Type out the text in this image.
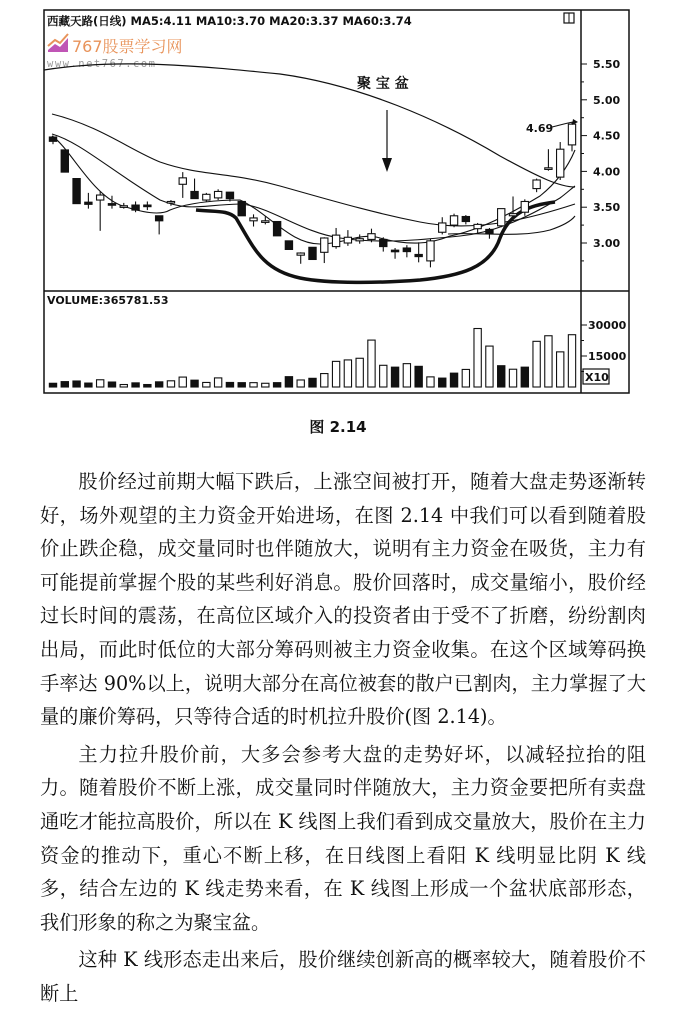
西藏天路(日线) MA5:4.11 MA10:3.70 MA20:3.37 MA60:3.74
767股票学习网
www.net767.com	5.50
5.00
4.50
4.00
3.50
3.00
聚 宝 盆
4.69
VOLUME:365781.53
30000
15000
X10
图 2.14

股价经过前期大幅下跌后，上涨空间被打开，随着大盘走势逐渐转好，场外观望的主力资金开始进场，在图 2.14 中我们可以看到随着股价止跌企稳，成交量同时也伴随放大，说明有主力资金在吸货，主力有可能提前掌握个股的某些利好消息。股价回落时，成交量缩小，股价经过长时间的震荡，在高位区域介入的投资者由于受不了折磨，纷纷割肉出局，而此时低位的大部分筹码则被主力资金收集。在这个区域筹码换手率达 90%以上，说明大部分在高位被套的散户已割肉，主力掌握了大量的廉价筹码，只等待合适的时机拉升股价(图 2.14)。

主力拉升股价前，大多会参考大盘的走势好坏，以减轻拉抬的阻力。随着股价不断上涨，成交量同时伴随放大，主力资金要把所有卖盘通吃才能拉高股价，所以在 K 线图上我们看到成交量放大，股价在主力资金的推动下，重心不断上移，在日线图上看阳 K 线明显比阴 K 线多，结合左边的 K 线走势来看，在 K 线图上形成一个盆状底部形态，我们形象的称之为聚宝盆。

这种 K 线形态走出来后，股价继续创新高的概率较大，随着股价不断上
